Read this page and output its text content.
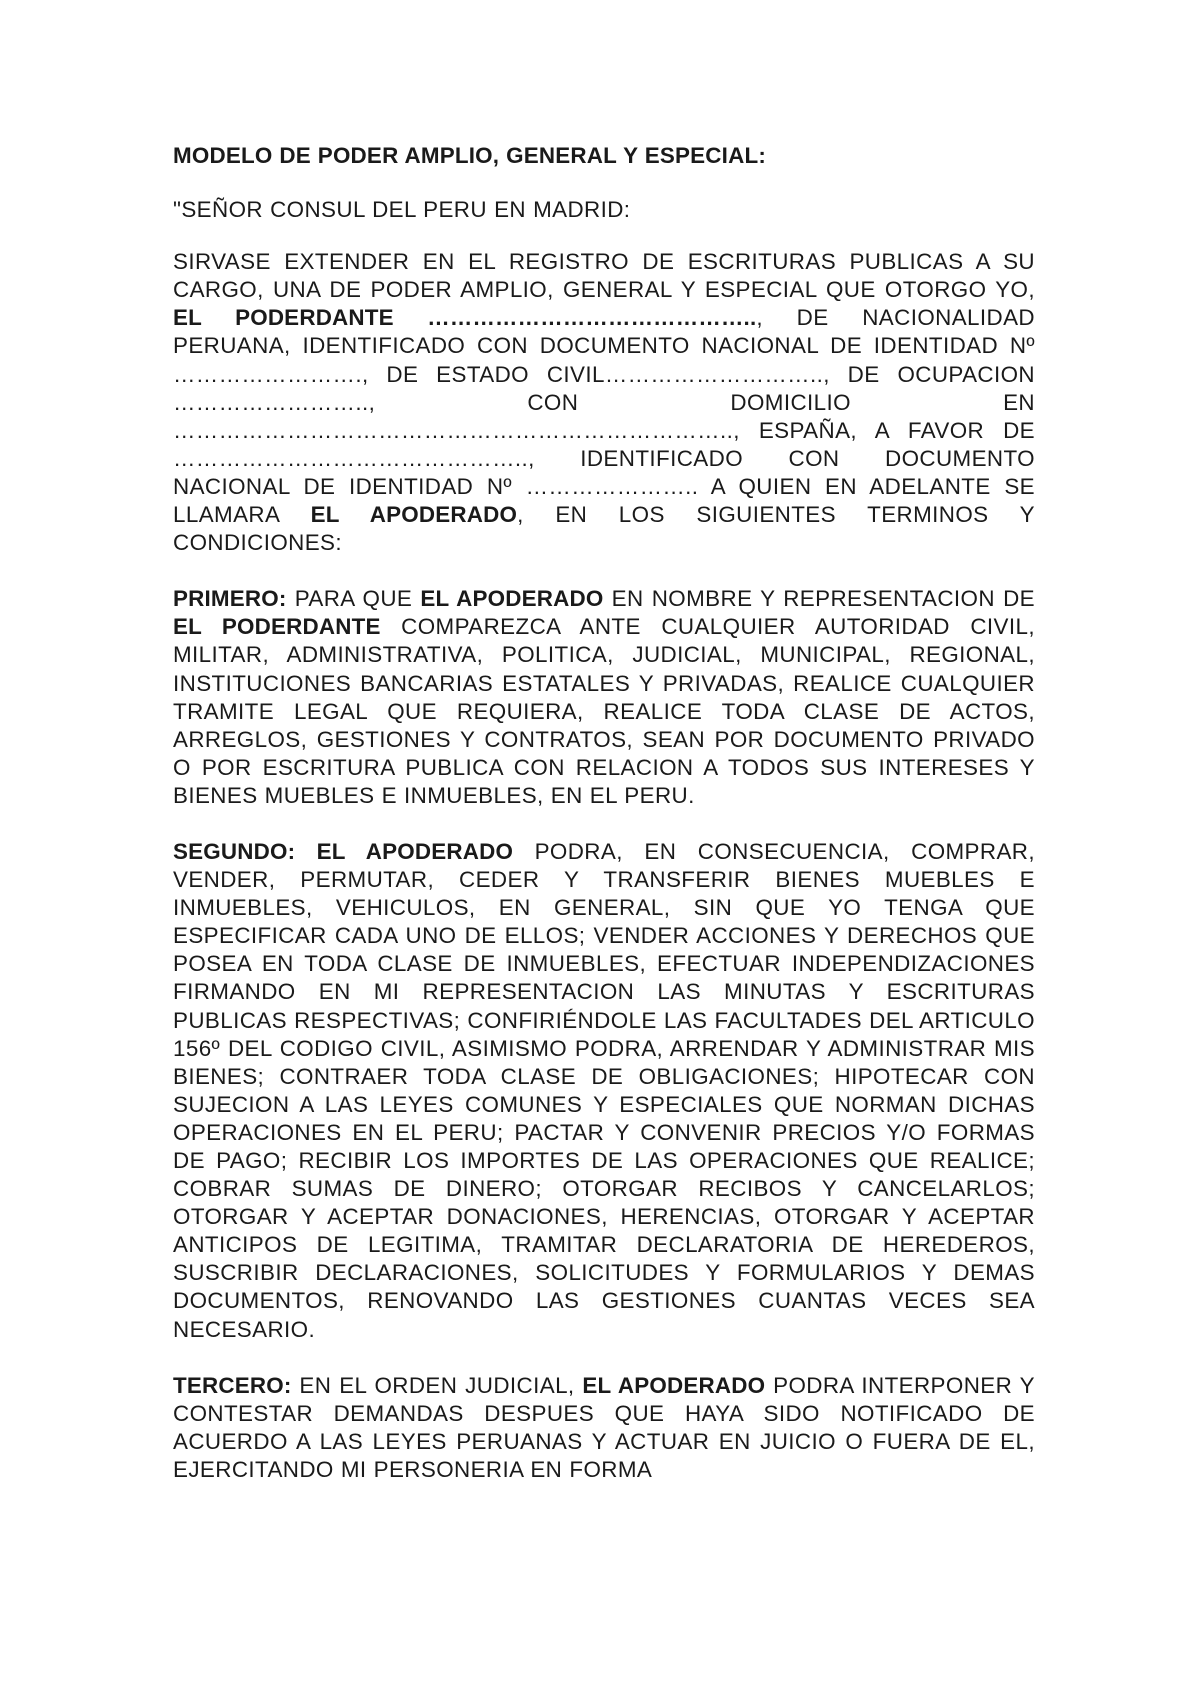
MODELO DE PODER AMPLIO, GENERAL Y ESPECIAL:

"SEÑOR CONSUL DEL PERU EN MADRID:

SIRVASE EXTENDER EN EL REGISTRO DE ESCRITURAS PUBLICAS A SU CARGO, UNA DE PODER AMPLIO, GENERAL Y ESPECIAL QUE OTORGO YO, EL PODERDANTE …………………………………….., DE NACIONALIDAD PERUANA, IDENTIFICADO CON DOCUMENTO NACIONAL DE IDENTIDAD Nº ……………………., DE ESTADO CIVIL……………………….., DE OCUPACION …………………….., CON DOMICILIO EN ……………………………………………………………….., ESPAÑA, A FAVOR DE ……………………………………….., IDENTIFICADO CON DOCUMENTO NACIONAL DE IDENTIDAD Nº ………………….. A QUIEN EN ADELANTE SE LLAMARA EL APODERADO, EN LOS SIGUIENTES TERMINOS Y CONDICIONES:

PRIMERO: PARA QUE EL APODERADO EN NOMBRE Y REPRESENTACION DE EL PODERDANTE COMPAREZCA ANTE CUALQUIER AUTORIDAD CIVIL, MILITAR, ADMINISTRATIVA, POLITICA, JUDICIAL, MUNICIPAL, REGIONAL, INSTITUCIONES BANCARIAS ESTATALES Y PRIVADAS, REALICE CUALQUIER TRAMITE LEGAL QUE REQUIERA, REALICE TODA CLASE DE ACTOS, ARREGLOS, GESTIONES Y CONTRATOS, SEAN POR DOCUMENTO PRIVADO O POR ESCRITURA PUBLICA CON RELACION A TODOS SUS INTERESES Y BIENES MUEBLES E INMUEBLES, EN EL PERU.

SEGUNDO: EL APODERADO PODRA, EN CONSECUENCIA, COMPRAR, VENDER, PERMUTAR, CEDER Y TRANSFERIR BIENES MUEBLES E INMUEBLES, VEHICULOS, EN GENERAL, SIN QUE YO TENGA QUE ESPECIFICAR CADA UNO DE ELLOS; VENDER ACCIONES Y DERECHOS QUE POSEA EN TODA CLASE DE INMUEBLES, EFECTUAR INDEPENDIZACIONES FIRMANDO EN MI REPRESENTACION LAS MINUTAS Y ESCRITURAS PUBLICAS RESPECTIVAS; CONFIRIÉNDOLE LAS FACULTADES DEL ARTICULO 156º DEL CODIGO CIVIL, ASIMISMO PODRA, ARRENDAR Y ADMINISTRAR MIS BIENES; CONTRAER TODA CLASE DE OBLIGACIONES; HIPOTECAR CON SUJECION A LAS LEYES COMUNES Y ESPECIALES QUE NORMAN DICHAS OPERACIONES EN EL PERU; PACTAR Y CONVENIR PRECIOS Y/O FORMAS DE PAGO; RECIBIR LOS IMPORTES DE LAS OPERACIONES QUE REALICE; COBRAR SUMAS DE DINERO; OTORGAR RECIBOS Y CANCELARLOS; OTORGAR Y ACEPTAR DONACIONES, HERENCIAS, OTORGAR Y ACEPTAR ANTICIPOS DE LEGITIMA, TRAMITAR DECLARATORIA DE HEREDEROS, SUSCRIBIR DECLARACIONES, SOLICITUDES Y FORMULARIOS Y DEMAS DOCUMENTOS, RENOVANDO LAS GESTIONES CUANTAS VECES SEA NECESARIO.

TERCERO: EN EL ORDEN JUDICIAL, EL APODERADO PODRA INTERPONER Y CONTESTAR DEMANDAS DESPUES QUE HAYA SIDO NOTIFICADO DE ACUERDO A LAS LEYES PERUANAS Y ACTUAR EN JUICIO O FUERA DE EL, EJERCITANDO MI PERSONERIA EN FORMA
